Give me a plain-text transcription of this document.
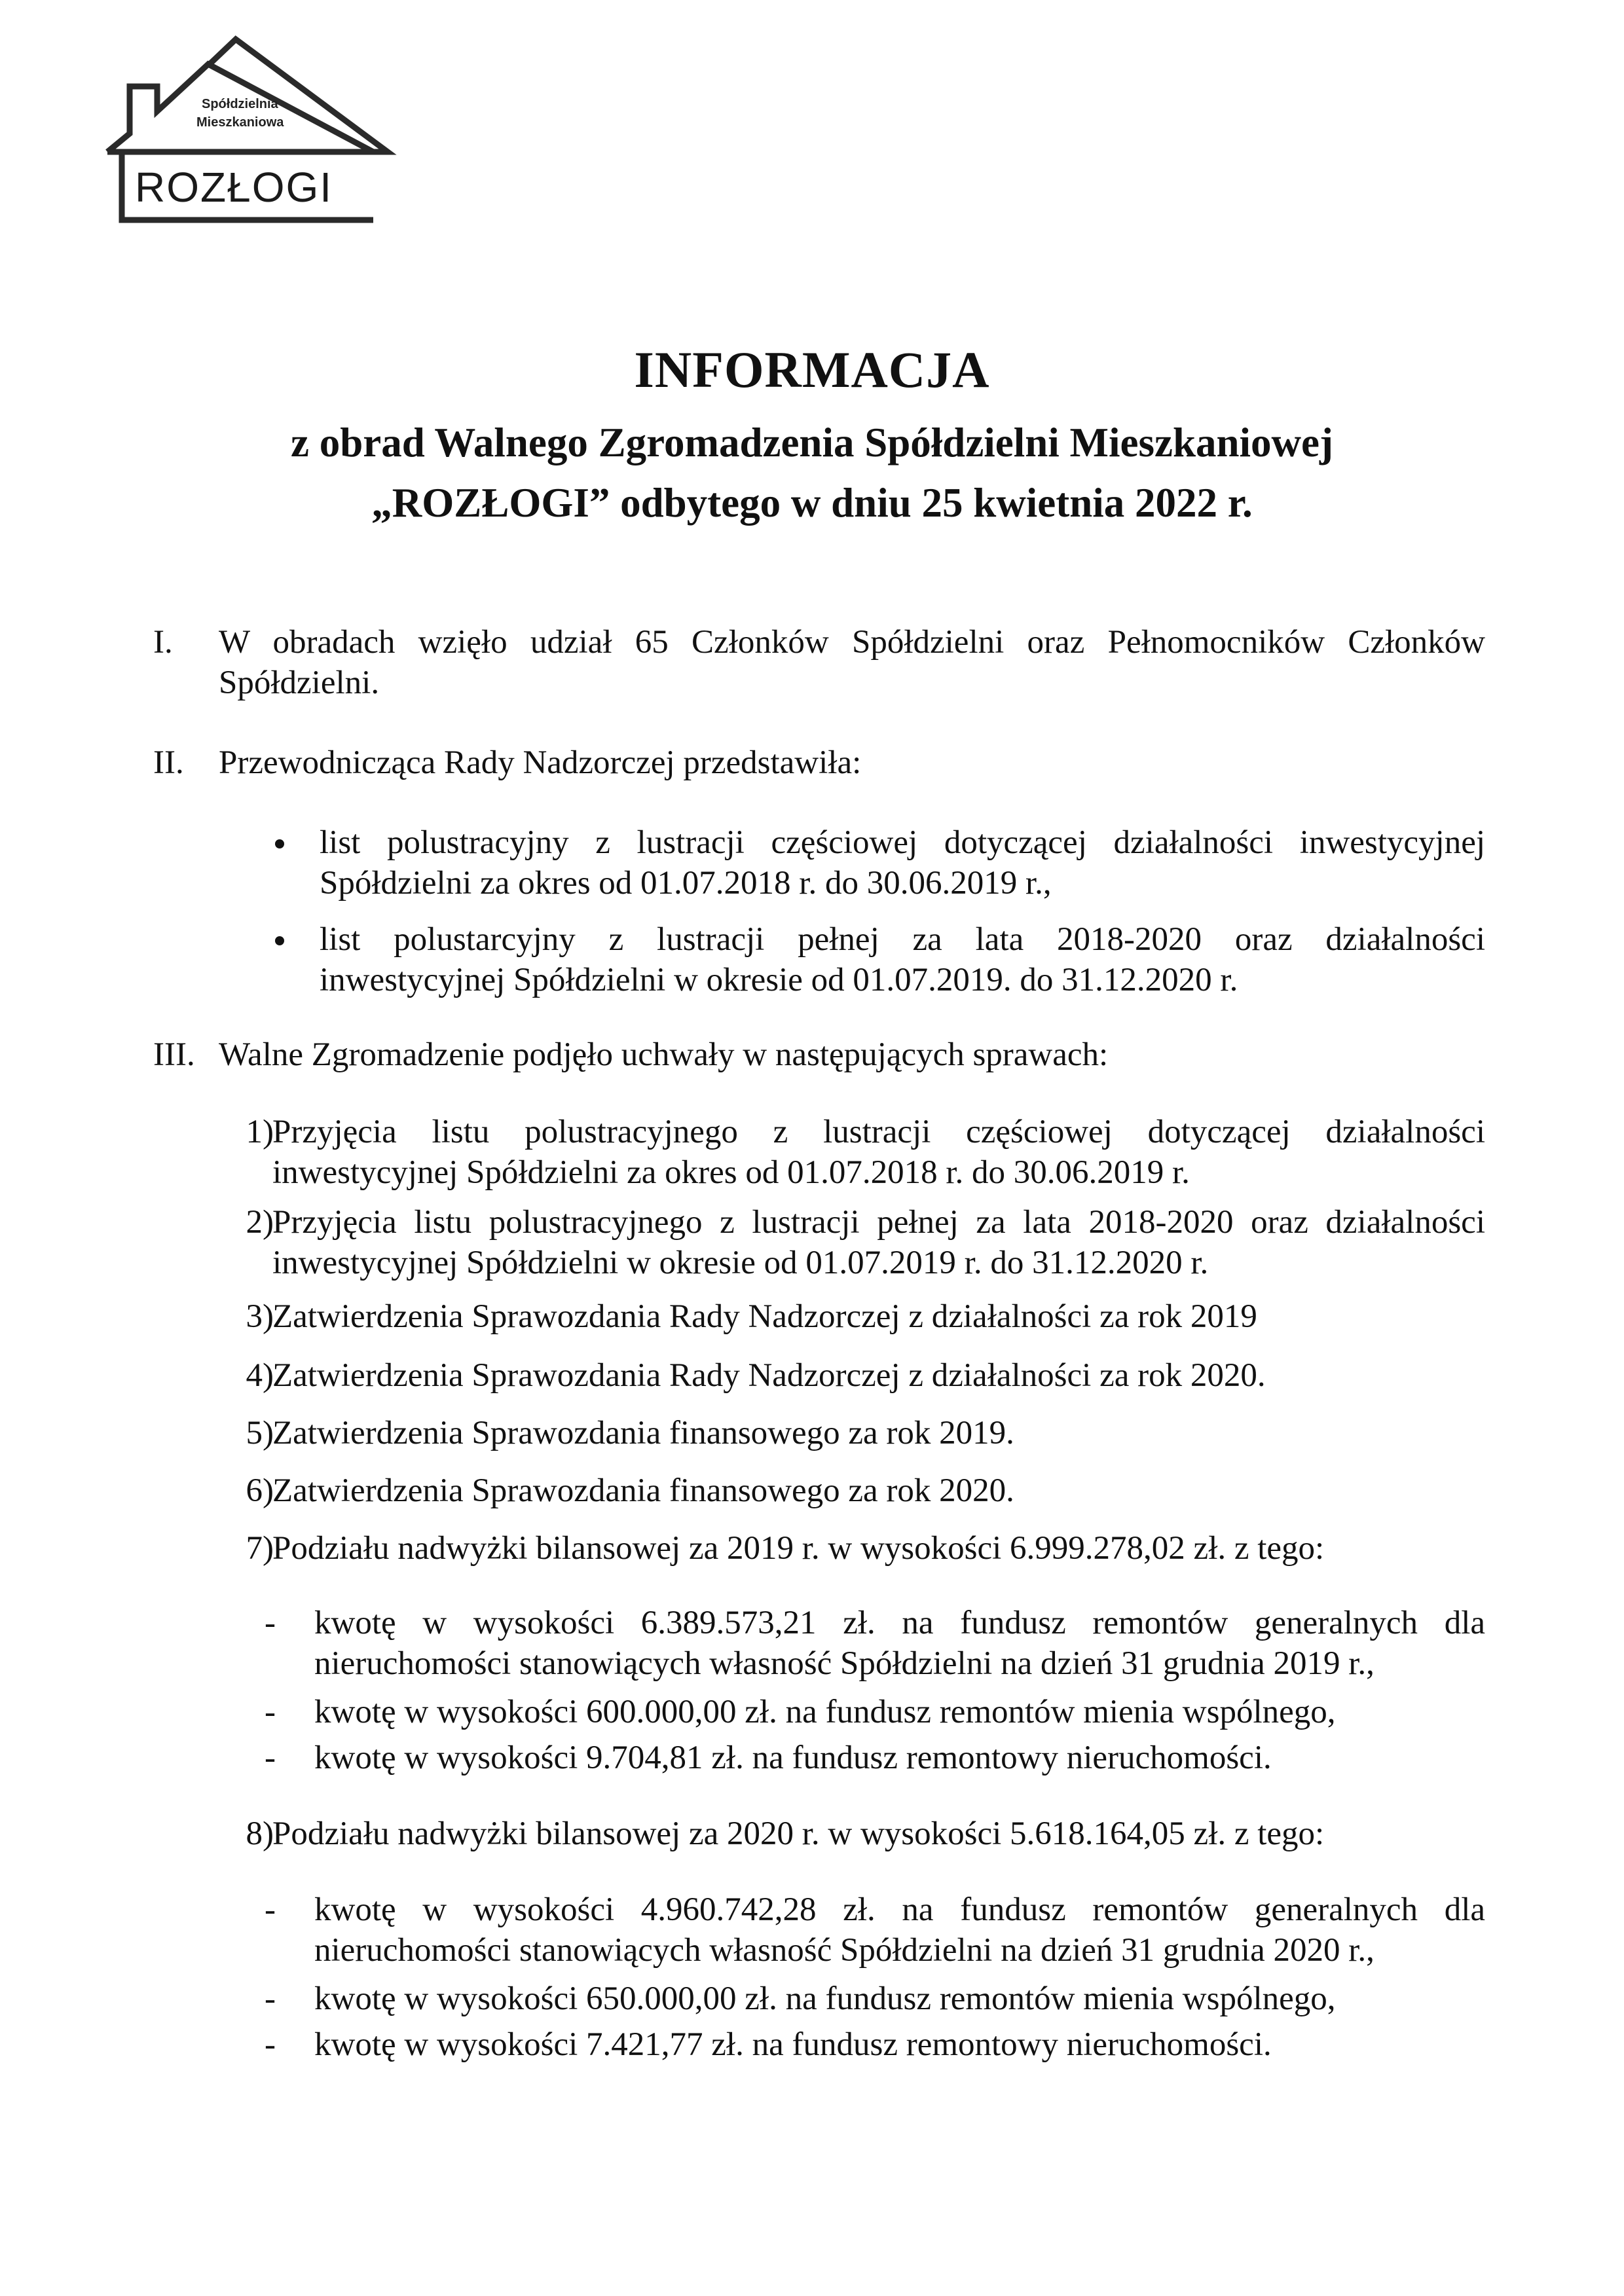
Spółdzielnia
Mieszkaniowa
ROZŁOGI

INFORMACJA

z obrad Walnego Zgromadzenia Spółdzielni Mieszkaniowej

„ROZŁOGI” odbytego w dniu 25 kwietnia 2022 r.

I. W obradach wzięło udział 65 Członków Spółdzielni oraz Pełnomocników Członków
Spółdzielni.
II. Przewodnicząca Rady Nadzorczej przedstawiła:
list polustracyjny z lustracji częściowej dotyczącej działalności inwestycyjnej
Spółdzielni za okres od 01.07.2018 r. do 30.06.2019 r.,
list polustarcyjny z lustracji pełnej za lata 2018-2020 oraz działalności
inwestycyjnej Spółdzielni w okresie od 01.07.2019. do 31.12.2020 r.
III. Walne Zgromadzenie podjęło uchwały w następujących sprawach:
1)
Przyjęcia listu polustracyjnego z lustracji częściowej dotyczącej działalności
inwestycyjnej Spółdzielni za okres od 01.07.2018 r. do 30.06.2019 r.
2)
Przyjęcia listu polustracyjnego z lustracji pełnej za lata 2018-2020 oraz działalności
inwestycyjnej Spółdzielni w okresie od 01.07.2019 r. do 31.12.2020 r.
3)
Zatwierdzenia Sprawozdania Rady Nadzorczej z działalności za rok 2019
4)
Zatwierdzenia Sprawozdania Rady Nadzorczej z działalności za rok 2020.
5)
Zatwierdzenia Sprawozdania finansowego za rok 2019.
6)
Zatwierdzenia Sprawozdania finansowego za rok 2020.
7)
Podziału nadwyżki bilansowej za 2019 r. w wysokości 6.999.278,02 zł. z tego:
- kwotę w wysokości 6.389.573,21 zł. na fundusz remontów generalnych dla
nieruchomości stanowiących własność Spółdzielni na dzień 31 grudnia 2019 r.,
- kwotę w wysokości 600.000,00 zł. na fundusz remontów mienia wspólnego,
- kwotę w wysokości 9.704,81 zł. na fundusz remontowy nieruchomości.
8)
Podziału nadwyżki bilansowej za 2020 r. w wysokości 5.618.164,05 zł. z tego:
- kwotę w wysokości 4.960.742,28 zł. na fundusz remontów generalnych dla
nieruchomości stanowiących własność Spółdzielni na dzień 31 grudnia 2020 r.,
- kwotę w wysokości 650.000,00 zł. na fundusz remontów mienia wspólnego,
- kwotę w wysokości 7.421,77 zł. na fundusz remontowy nieruchomości.
